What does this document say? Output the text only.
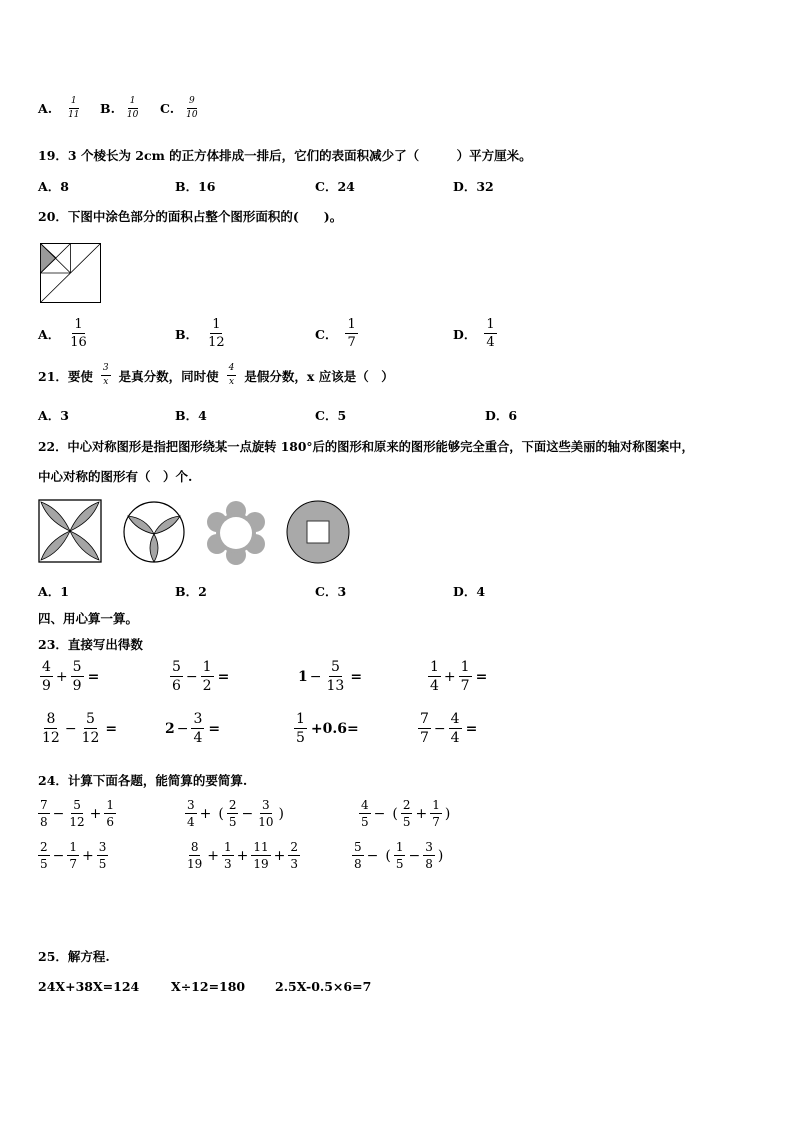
A. $\frac{1}{11} B$. $\frac{1}{10} C$. $\frac{9}{10}$
19．3 个棱长为 2cm 的正方体排成一排后，它们的表面积减少了（　　　）平方厘米。
A．8	B．16	C．24	D．32
20．下图中涂色部分的面积占整个图形面积的(　　)。
A． $\frac{1}{16}$	B． $\frac{1}{12}$	C． $\frac{1}{7}$	D． $\frac{1}{4}$
21．要使 $\frac{3}{x}$ 是真分数，同时使 $\frac{4}{x}$ 是假分数，x 应该是（　）
A．3	B．4	C．5	D．6
22．中心对称图形是指把图形绕某一点旋转 180°后的图形和原来的图形能够完全重合，下面这些美丽的轴对称图案中，
中心对称的图形有（　）个.
A．1	B．2	C．3	D．4
四、用心算一算。
23．直接写出得数
$\frac{4}{9} + \frac{5}{9}$ =	$\frac{5}{6} - \frac{1}{2}$ =	$1 - \frac{5}{13}$ =	$\frac{1}{4} + \frac{1}{7}$ =
$\frac{8}{12} - \frac{5}{12}$ =	$2 - \frac{3}{4}$ =	$\frac{1}{5} +0.6=$	$\frac{7}{7} - \frac{4}{4}$ =
24．计算下面各题，能简算的要简算.
$\frac{7}{8} - \frac{5}{12} + \frac{1}{6}$	$\frac{3}{4}$ + ( $\frac{2}{5} - \frac{3}{10}$ )	$\frac{4}{5}$ − ( $\frac{2}{5} + \frac{1}{7}$ )
$\frac{2}{5} - \frac{1}{7} + \frac{3}{5}$	$\frac{8}{19} + \frac{1}{3} + \frac{11}{19} + \frac{2}{3}$	$\frac{5}{8}$ − ( $\frac{1}{5} - \frac{3}{8}$ )
25．解方程.
24X+38X=124	X÷12=180 2.5X-0.5×6=7
